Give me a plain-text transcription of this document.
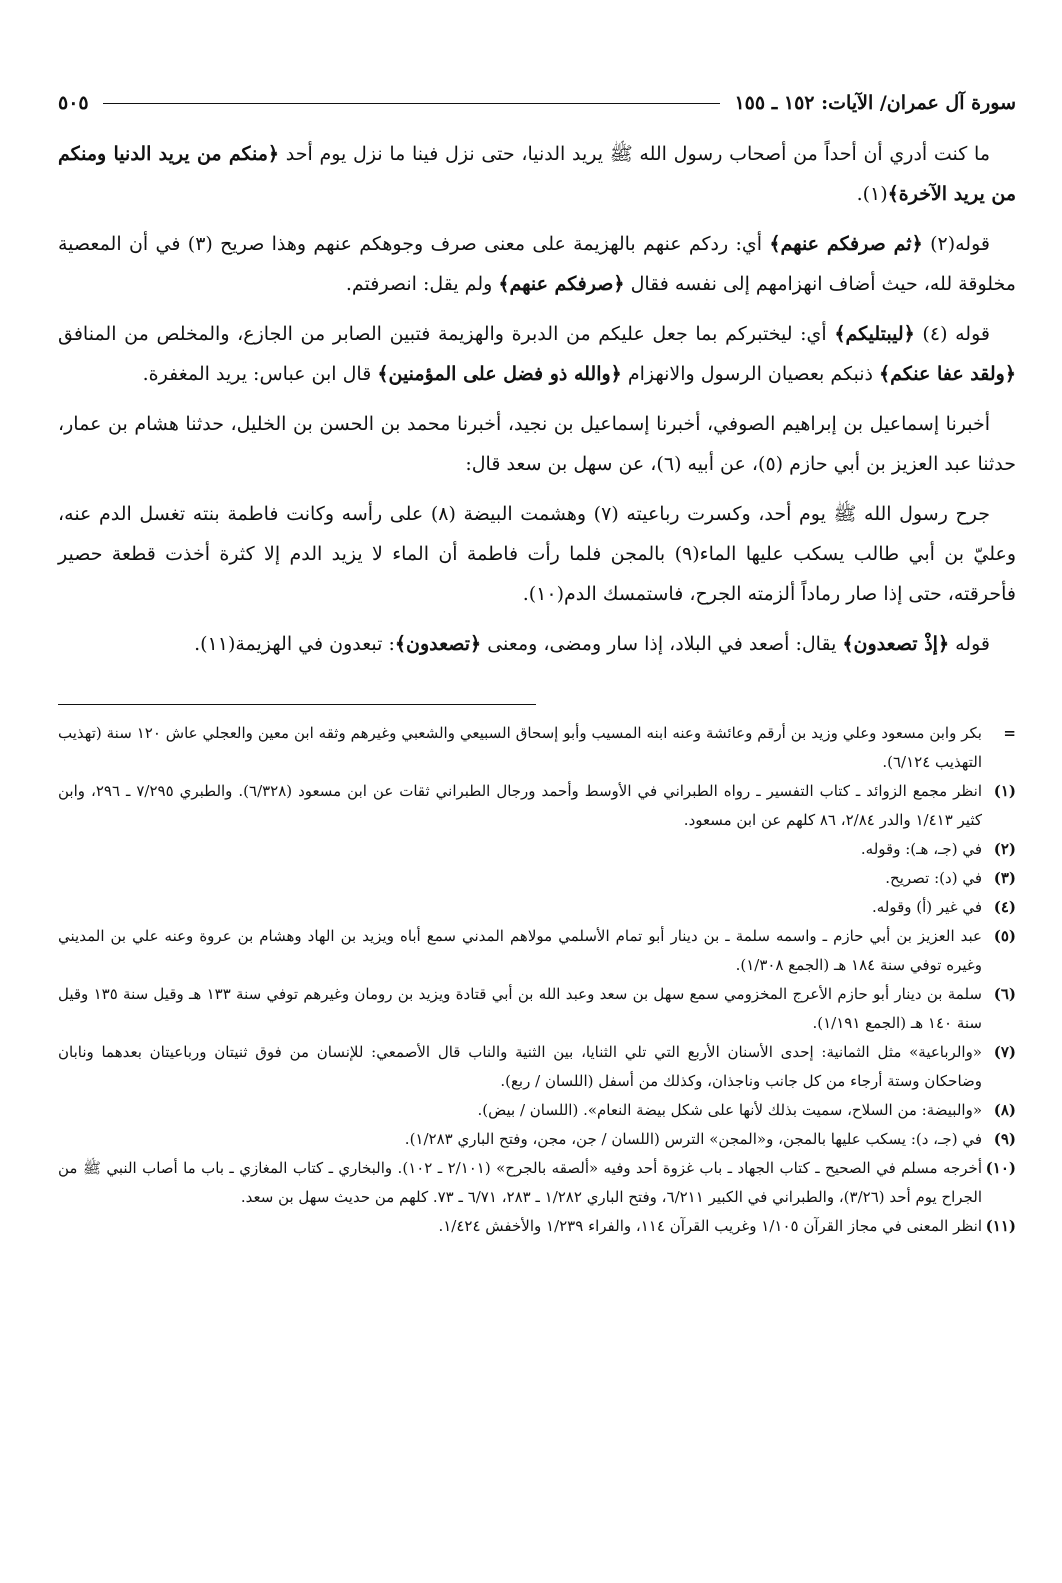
سورة آل عمران/ الآيات: ١٥٢ ـ ١٥٥
٥٠٥

ما كنت أدري أن أحداً من أصحاب رسول الله ﷺ يريد الدنيا، حتى نزل فينا ما نزل يوم أحد ﴿منكم من يريد الدنيا ومنكم من يريد الآخرة﴾(١).

قوله(٢) ﴿ثم صرفكم عنهم﴾ أي: ردكم عنهم بالهزيمة على معنى صرف وجوهكم عنهم وهذا صريح (٣) في أن المعصية مخلوقة لله، حيث أضاف انهزامهم إلى نفسه فقال ﴿صرفكم عنهم﴾ ولم يقل: انصرفتم.

قوله (٤) ﴿ليبتليكم﴾ أي: ليختبركم بما جعل عليكم من الدبرة والهزيمة فتبين الصابر من الجازع، والمخلص من المنافق ﴿ولقد عفا عنكم﴾ ذنبكم بعصيان الرسول والانهزام ﴿والله ذو فضل على المؤمنين﴾ قال ابن عباس: يريد المغفرة.

أخبرنا إسماعيل بن إبراهيم الصوفي، أخبرنا إسماعيل بن نجيد، أخبرنا محمد بن الحسن بن الخليل، حدثنا هشام بن عمار، حدثنا عبد العزيز بن أبي حازم (٥)، عن أبيه (٦)، عن سهل بن سعد قال:

جرح رسول الله ﷺ يوم أحد، وكسرت رباعيته (٧) وهشمت البيضة (٨) على رأسه وكانت فاطمة بنته تغسل الدم عنه، وعليّ بن أبي طالب يسكب عليها الماء(٩) بالمجن فلما رأت فاطمة أن الماء لا يزيد الدم إلا كثرة أخذت قطعة حصير فأحرقته، حتى إذا صار رماداً ألزمته الجرح، فاستمسك الدم(١٠).

قوله ﴿إذْ تصعدون﴾ يقال: أصعد في البلاد، إذا سار ومضى، ومعنى ﴿تصعدون﴾: تبعدون في الهزيمة(١١).

=
بكر وابن مسعود وعلي وزيد بن أرقم وعائشة وعنه ابنه المسيب وأبو إسحاق السبيعي والشعبي وغيرهم وثقه ابن معين والعجلي عاش ١٢٠ سنة (تهذيب التهذيب ٦/١٢٤).
(١)
انظر مجمع الزوائد ـ كتاب التفسير ـ رواه الطبراني في الأوسط وأحمد ورجال الطبراني ثقات عن ابن مسعود (٦/٣٢٨). والطبري ٧/٢٩٥ ـ ٢٩٦، وابن كثير ١/٤١٣ والدر ٢/٨٤، ٨٦ كلهم عن ابن مسعود.
(٢)
في (جـ، هـ): وقوله.
(٣)
في (د): تصريح.
(٤)
في غير (أ) وقوله.
(٥)
عبد العزيز بن أبي حازم ـ واسمه سلمة ـ بن دينار أبو تمام الأسلمي مولاهم المدني سمع أباه ويزيد بن الهاد وهشام بن عروة وعنه علي بن المديني وغيره توفي سنة ١٨٤ هـ (الجمع ١/٣٠٨).
(٦)
سلمة بن دينار أبو حازم الأعرج المخزومي سمع سهل بن سعد وعبد الله بن أبي قتادة ويزيد بن رومان وغيرهم توفي سنة ١٣٣ هـ وقيل سنة ١٣٥ وقيل سنة ١٤٠ هـ (الجمع ١/١٩١).
(٧)
«والرباعية» مثل الثمانية: إحدى الأسنان الأربع التي تلي الثنايا، بين الثنية والناب قال الأصمعي: للإنسان من فوق ثنيتان ورباعيتان بعدهما ونابان وضاحكان وستة أرجاء من كل جانب وناجذان، وكذلك من أسفل (اللسان / ربع).
(٨)
«والبيضة: من السلاح، سميت بذلك لأنها على شكل بيضة النعام». (اللسان / بيض).
(٩)
في (جـ، د): يسكب عليها بالمجن، و«المجن» الترس (اللسان / جن، مجن، وفتح الباري ١/٢٨٣).
(١٠)
أخرجه مسلم في الصحيح ـ كتاب الجهاد ـ باب غزوة أحد وفيه «ألصقه بالجرح» (٢/١٠١ ـ ١٠٢). والبخاري ـ كتاب المغازي ـ باب ما أصاب النبي ﷺ من الجراح يوم أحد (٣/٢٦)، والطبراني في الكبير ٦/٢١١، وفتح الباري ١/٢٨٢ ـ ٢٨٣، ٦/٧١ ـ ٧٣. كلهم من حديث سهل بن سعد.
(١١)
انظر المعنى في مجاز القرآن ١/١٠٥ وغريب القرآن ١١٤، والفراء ١/٢٣٩ والأخفش ١/٤٢٤.
